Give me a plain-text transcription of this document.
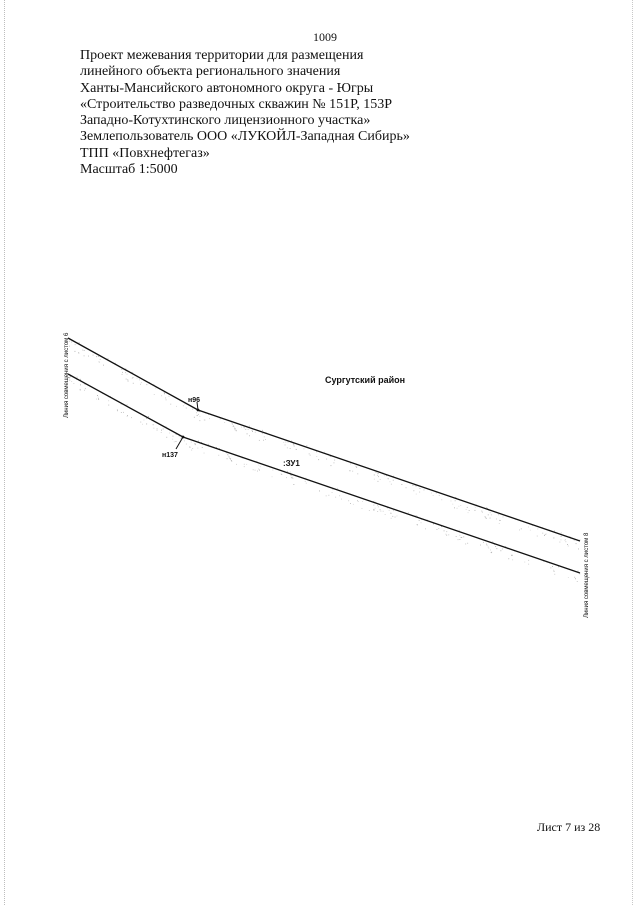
1009
Проект межевания территории для размещения
линейного объекта регионального значения
Ханты-Мансийского автономного округа - Югры
«Строительство разведочных скважин № 151Р, 153Р
Западно-Котухтинского лицензионного участка»
Землепользователь ООО «ЛУКОЙЛ-Западная Сибирь»
ТПП «Повхнефтегаз»
Масштаб 1:5000
н96
н137
:ЗУ1
Сургутский район
Линия совмещения с листом 6
Линия совмещения с листом 8
Лист 7 из 28
